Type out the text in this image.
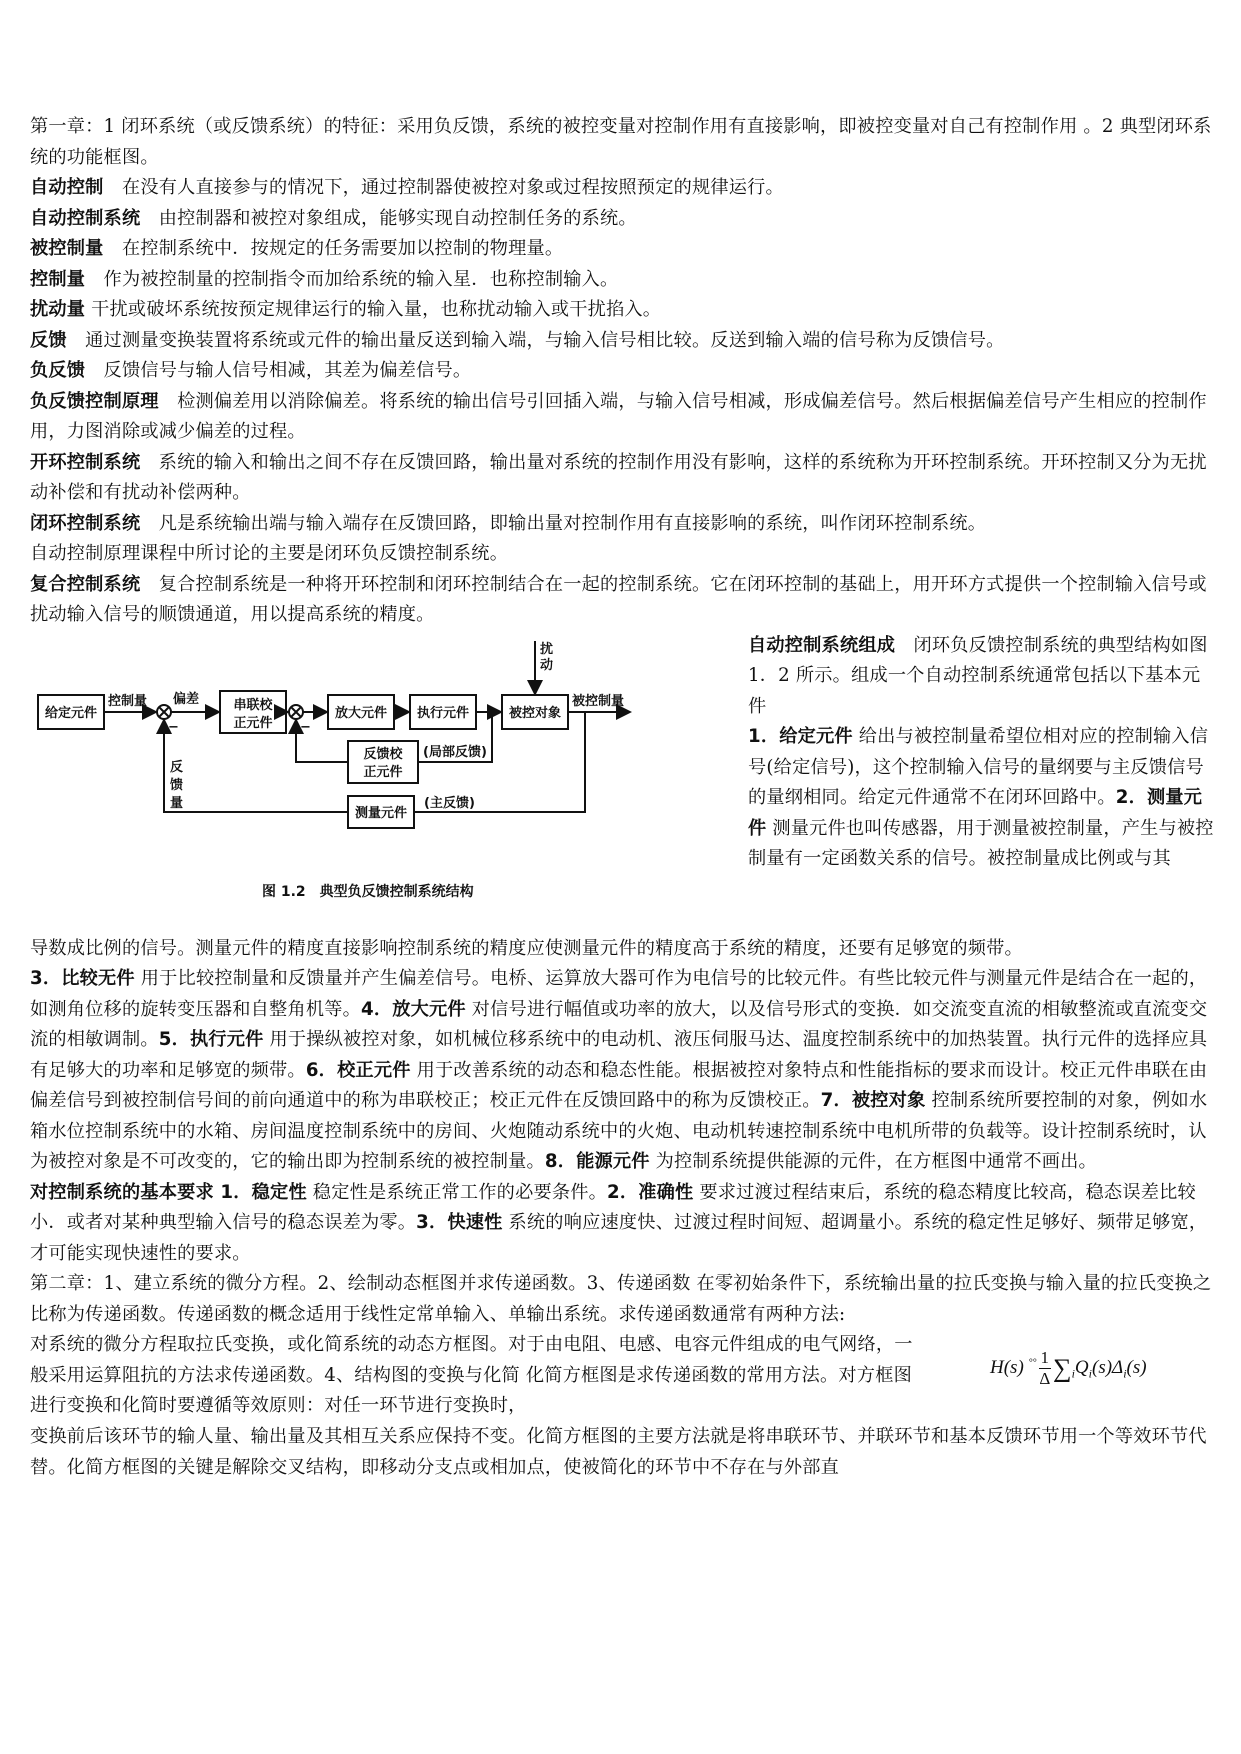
第一章：1 闭环系统（或反馈系统）的特征：采用负反馈，系统的被控变量对控制作用有直接影响，即被控变量对自己有控制作用 。2 典型闭环系统的功能框图。

自动控制　在没有人直接参与的情况下，通过控制器使被控对象或过程按照预定的规律运行。

自动控制系统　由控制器和被控对象组成，能够实现自动控制任务的系统。

被控制量　在控制系统中．按规定的任务需要加以控制的物理量。

控制量　作为被控制量的控制指令而加给系统的输入星．也称控制输入。

扰动量 干扰或破坏系统按预定规律运行的输入量，也称扰动输入或干扰掐入。

反馈　通过测量变换装置将系统或元件的输出量反送到输入端，与输入信号相比较。反送到输入端的信号称为反馈信号。

负反馈　反馈信号与输人信号相减，其差为偏差信号。

负反馈控制原理　检测偏差用以消除偏差。将系统的输出信号引回插入端，与输入信号相减，形成偏差信号。然后根据偏差信号产生相应的控制作用，力图消除或减少偏差的过程。

开环控制系统　系统的输入和输出之间不存在反馈回路，输出量对系统的控制作用没有影响，这样的系统称为开环控制系统。开环控制又分为无扰动补偿和有扰动补偿两种。

闭环控制系统　凡是系统输出端与输入端存在反馈回路，即输出量对控制作用有直接影响的系统，叫作闭环控制系统。

自动控制原理课程中所讨论的主要是闭环负反馈控制系统。

复合控制系统　复合控制系统是一种将开环控制和闭环控制结合在一起的控制系统。它在闭环控制的基础上，用开环方式提供一个控制输入信号或扰动输入信号的顺馈通道，用以提高系统的精度。

给定元件
串联校
正元件
放大元件 执行元件	被控对象
反馈校
正元件
测量元件
控制量 偏差
扰
动
被控制量
(局部反馈)
反
馈
量	(主反馈)
−	−
图 1.2　典型负反馈控制系统结构

自动控制系统组成　闭环负反馈控制系统的典型结构如图 1．2 所示。组成一个自动控制系统通常包括以下基本元件
1．给定元件 给出与被控制量希望位相对应的控制输入信号(给定信号)，这个控制输入信号的量纲要与主反馈信号的量纲相同。给定元件通常不在闭环回路中。2．测量元件 测量元件也叫传感器，用于测量被控制量，产生与被控制量有一定函数关系的信号。被控制量成比例或与其

导数成比例的信号。测量元件的精度直接影响控制系统的精度应使测量元件的精度高于系统的精度，还要有足够宽的频带。

3．比较无件 用于比较控制量和反馈量并产生偏差信号。电桥、运算放大器可作为电信号的比较元件。有些比较元件与测量元件是结合在一起的，如测角位移的旋转变压器和自整角机等。4．放大元件 对信号进行幅值或功率的放大，以及信号形式的变换．如交流变直流的相敏整流或直流变交流的相敏调制。5．执行元件 用于操纵被控对象，如机械位移系统中的电动机、液压伺服马达、温度控制系统中的加热装置。执行元件的选择应具有足够大的功率和足够宽的频带。6．校正元件 用于改善系统的动态和稳态性能。根据被控对象特点和性能指标的要求而设计。校正元件串联在由偏差信号到被控制信号间的前向通道中的称为串联校正；校正元件在反馈回路中的称为反馈校正。7．被控对象 控制系统所要控制的对象，例如水箱水位控制系统中的水箱、房间温度控制系统中的房间、火炮随动系统中的火炮、电动机转速控制系统中电机所带的负载等。设计控制系统时，认为被控对象是不可改变的，它的输出即为控制系统的被控制量。8．能源元件 为控制系统提供能源的元件，在方框图中通常不画出。

对控制系统的基本要求 1．稳定性 稳定性是系统正常工作的必要条件。2．准确性 要求过渡过程结束后，系统的稳态精度比较高，稳态误差比较小．或者对某种典型输入信号的稳态误差为零。3．快速性 系统的响应速度快、过渡过程时间短、超调量小。系统的稳定性足够好、频带足够宽，才可能实现快速性的要求。

第二章：1、建立系统的微分方程。2、绘制动态框图并求传递函数。3、传递函数 在零初始条件下，系统输出量的拉氏变换与输入量的拉氏变换之比称为传递函数。传递函数的概念适用于线性定常单输入、单输出系统。求传递函数通常有两种方法:

对系统的微分方程取拉氏变换，或化简系统的动态方框图。对于由电阻、电感、电容元件组成的电气网络，一般采用运算阻抗的方法求传递函数。4、结构图的变换与化简 化简方框图是求传递函数的常用方法。对方框图进行变换和化简时要遵循等效原则：对任一环节进行变换时，

H(s) $^{^\circ^\circ} \frac{1}{\Delta} \sum_iQ_i(s)\Delta_i(s)$

变换前后该环节的输人量、输出量及其相互关系应保持不变。化简方框图的主要方法就是将串联环节、并联环节和基本反馈环节用一个等效环节代替。化简方框图的关键是解除交叉结构，即移动分支点或相加点，使被简化的环节中不存在与外部直
